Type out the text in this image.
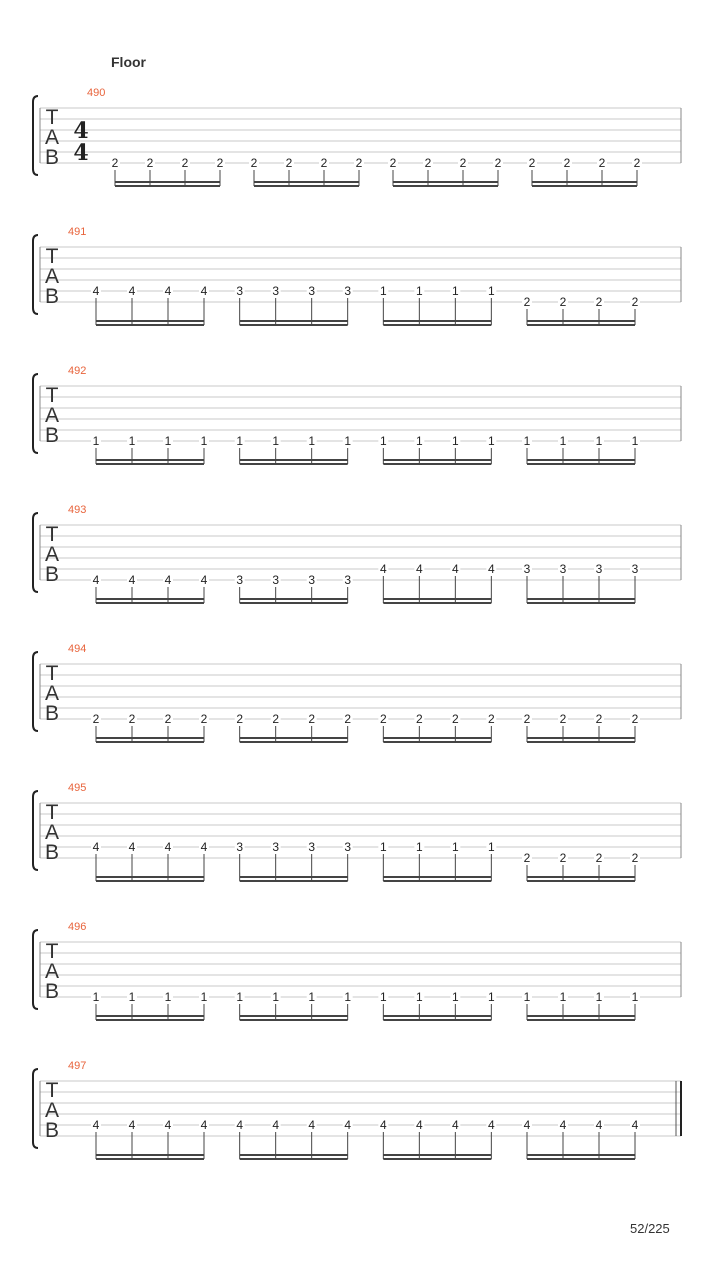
Floor
490
T
A
B
4
4 2 2 2 2 2 2 2 2 2 2 2 2 2 2 2 2
491
T
A
B	4 4 4 4 3 3 3 3 1 1 1 1
2 2 2 2
492
T
A
B	1 1 1 1 1 1 1 1 1 1 1 1 1 1 1 1
493
T
A
B	4 4 4 4 3 3 3 3
4 4 4 4 3 3 3 3
494
T
A
B	2 2 2 2 2 2 2 2 2 2 2 2 2 2 2 2
495
T
A
B	4 4 4 4 3 3 3 3 1 1 1 1
2 2 2 2
496
T
A
B	1 1 1 1 1 1 1 1 1 1 1 1 1 1 1 1
497
T
A
B	4 4 4 4 4 4 4 4 4 4 4 4 4 4 4 4
52/225
